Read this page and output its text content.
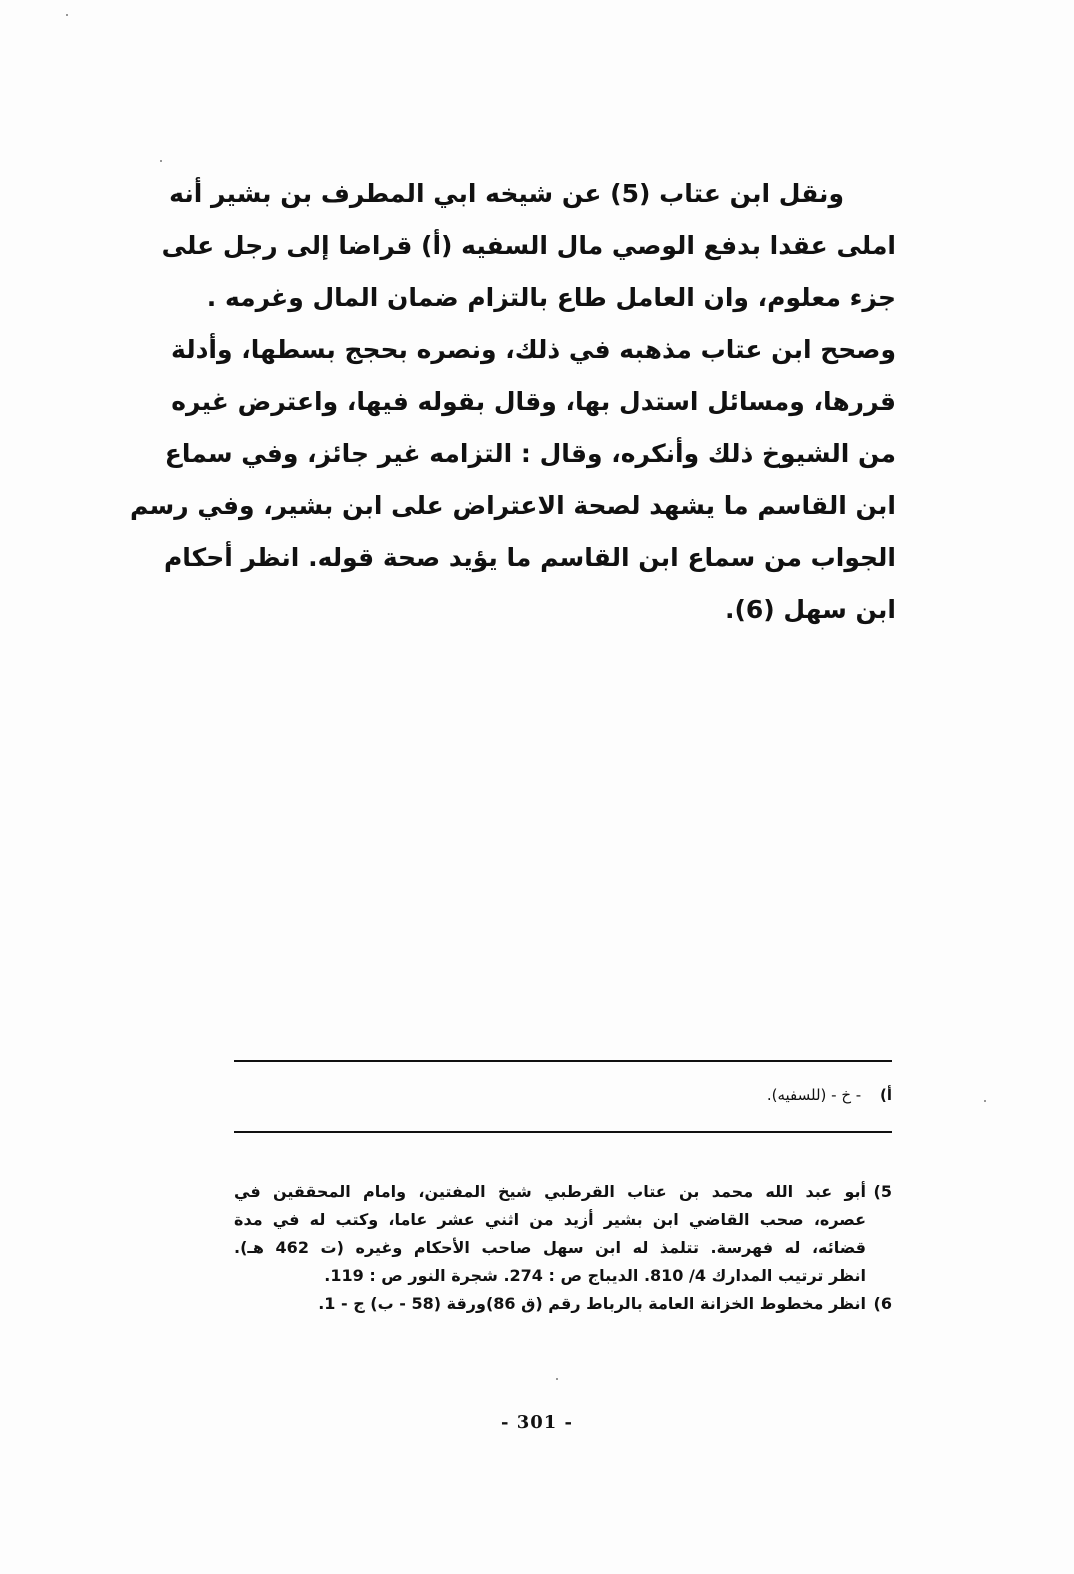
ونقل ابن عتاب (5) عن شيخه ابي المطرف بن بشير أنه
املى عقدا بدفع الوصي مال السفيه (أ) قراضا إلى رجل على
جزء معلوم، وان العامل طاع بالتزام ضمان المال وغرمه .
وصحح ابن عتاب مذهبه في ذلك، ونصره بحجج بسطها، وأدلة
قررها، ومسائل استدل بها، وقال بقوله فيها، واعترض غيره
من الشيوخ ذلك وأنكره، وقال : التزامه غير جائز، وفي سماع
ابن القاسم ما يشهد لصحة الاعتراض على ابن بشير، وفي رسم
الجواب من سماع ابن القاسم ما يؤيد صحة قوله. انظر أحكام
ابن سهل (6).
أ) - خ - (للسفيه).
5)
أبو عبد الله محمد بن عتاب القرطبي شيخ المفتين، وامام المحققين في
عصره، صحب القاضي ابن بشير أزيد من اثني عشر عاما، وكتب له في مدة
قضائه، له فهرسة. تتلمذ له ابن سهل صاحب الأحكام وغيره (ت 462 هـ).
انظر ترتيب المدارك 4/ 810. الديباج ص : 274. شجرة النور ص : 119.
6)
انظر مخطوط الخزانة العامة بالرباط رقم (ق 86)ورقة (58 - ب) ج - 1.
- 301 -
